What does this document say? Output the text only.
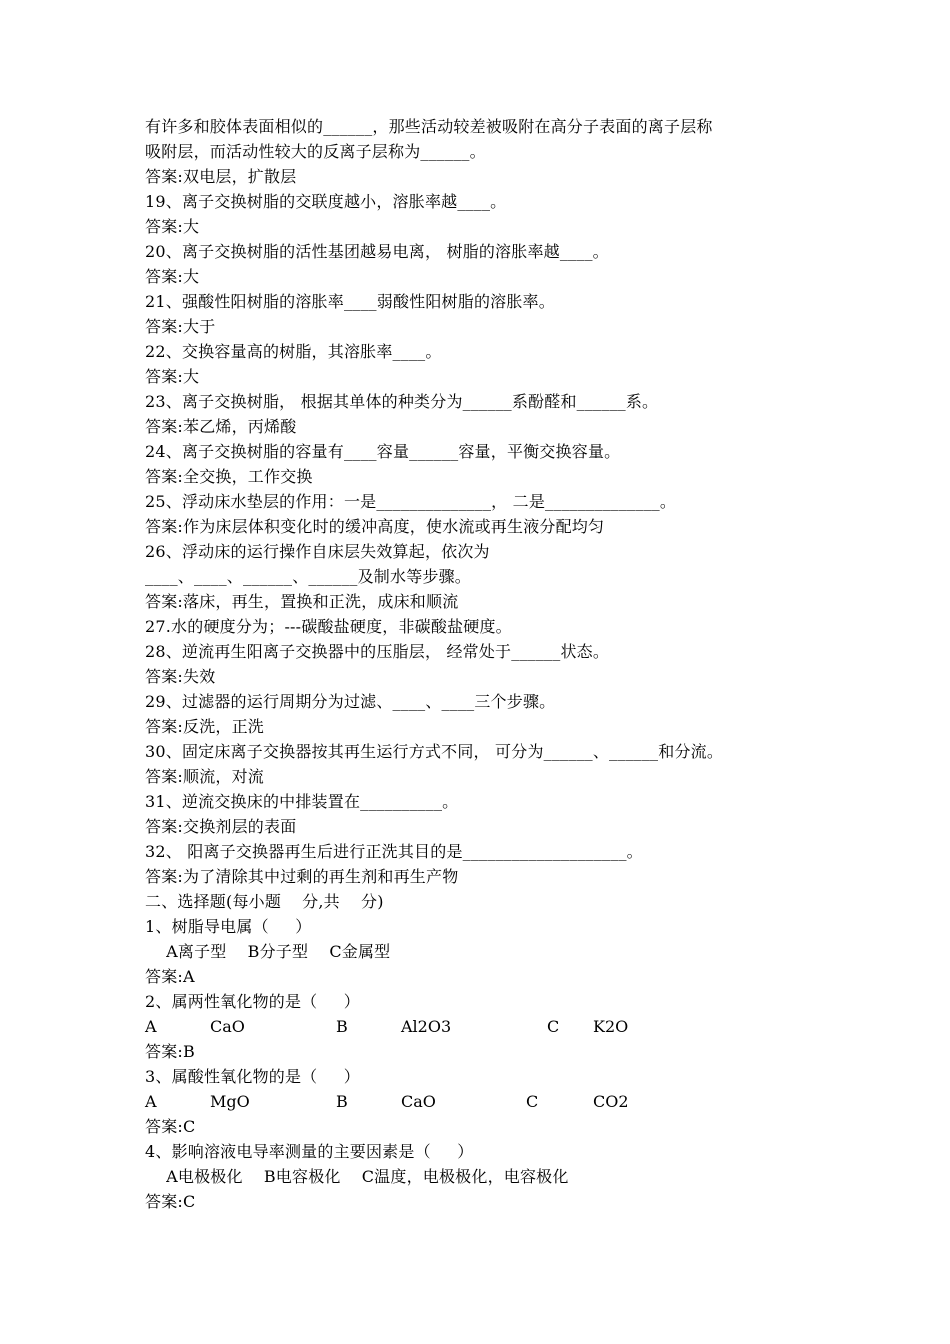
有许多和胶体表面相似的______，那些活动较差被吸附在高分子表面的离子层称
吸附层，而活动性较大的反离子层称为______。
答案:双电层，扩散层
19、离子交换树脂的交联度越小，溶胀率越____。
答案:大
20、离子交换树脂的活性基团越易电离， 树脂的溶胀率越____。
答案:大
21、强酸性阳树脂的溶胀率____弱酸性阳树脂的溶胀率。
答案:大于
22、交换容量高的树脂，其溶胀率____。
答案:大
23、离子交换树脂， 根据其单体的种类分为______系酚醛和______系。
答案:苯乙烯，丙烯酸
24、离子交换树脂的容量有____容量______容量，平衡交换容量。
答案:全交换，工作交换
25、浮动床水垫层的作用：一是______________， 二是______________。
答案:作为床层体积变化时的缓冲高度，使水流或再生液分配均匀
26、浮动床的运行操作自床层失效算起，依次为
____、____、______、______及制水等步骤。
答案:落床，再生，置换和正洗，成床和顺流
27.水的硬度分为；---碳酸盐硬度，非碳酸盐硬度。
28、逆流再生阳离子交换器中的压脂层， 经常处于______状态。
答案:失效
29、过滤器的运行周期分为过滤、____、____三个步骤。
答案:反洗，正洗
30、固定床离子交换器按其再生运行方式不同， 可分为______、______和分流。
答案:顺流，对流
31、逆流交换床的中排装置在__________。
答案:交换剂层的表面
32、 阳离子交换器再生后进行正洗其目的是____________________。
答案:为了清除其中过剩的再生剂和再生产物
二、选择题(每小题    分,共    分)
1、树脂导电属（     ）
A离子型    B分子型    C金属型
答案:A
2、属两性氧化物的是（     ）

A

	CaO

	B

	Al2O3

	C

K2O

答案:B
3、属酸性氧化物的是（     ）

A

	MgO

	B

	CaO

	C

	CO2

答案:C
4、影响溶液电导率测量的主要因素是（     ）
A电极极化    B电容极化    C温度，电极极化，电容极化
答案:C
